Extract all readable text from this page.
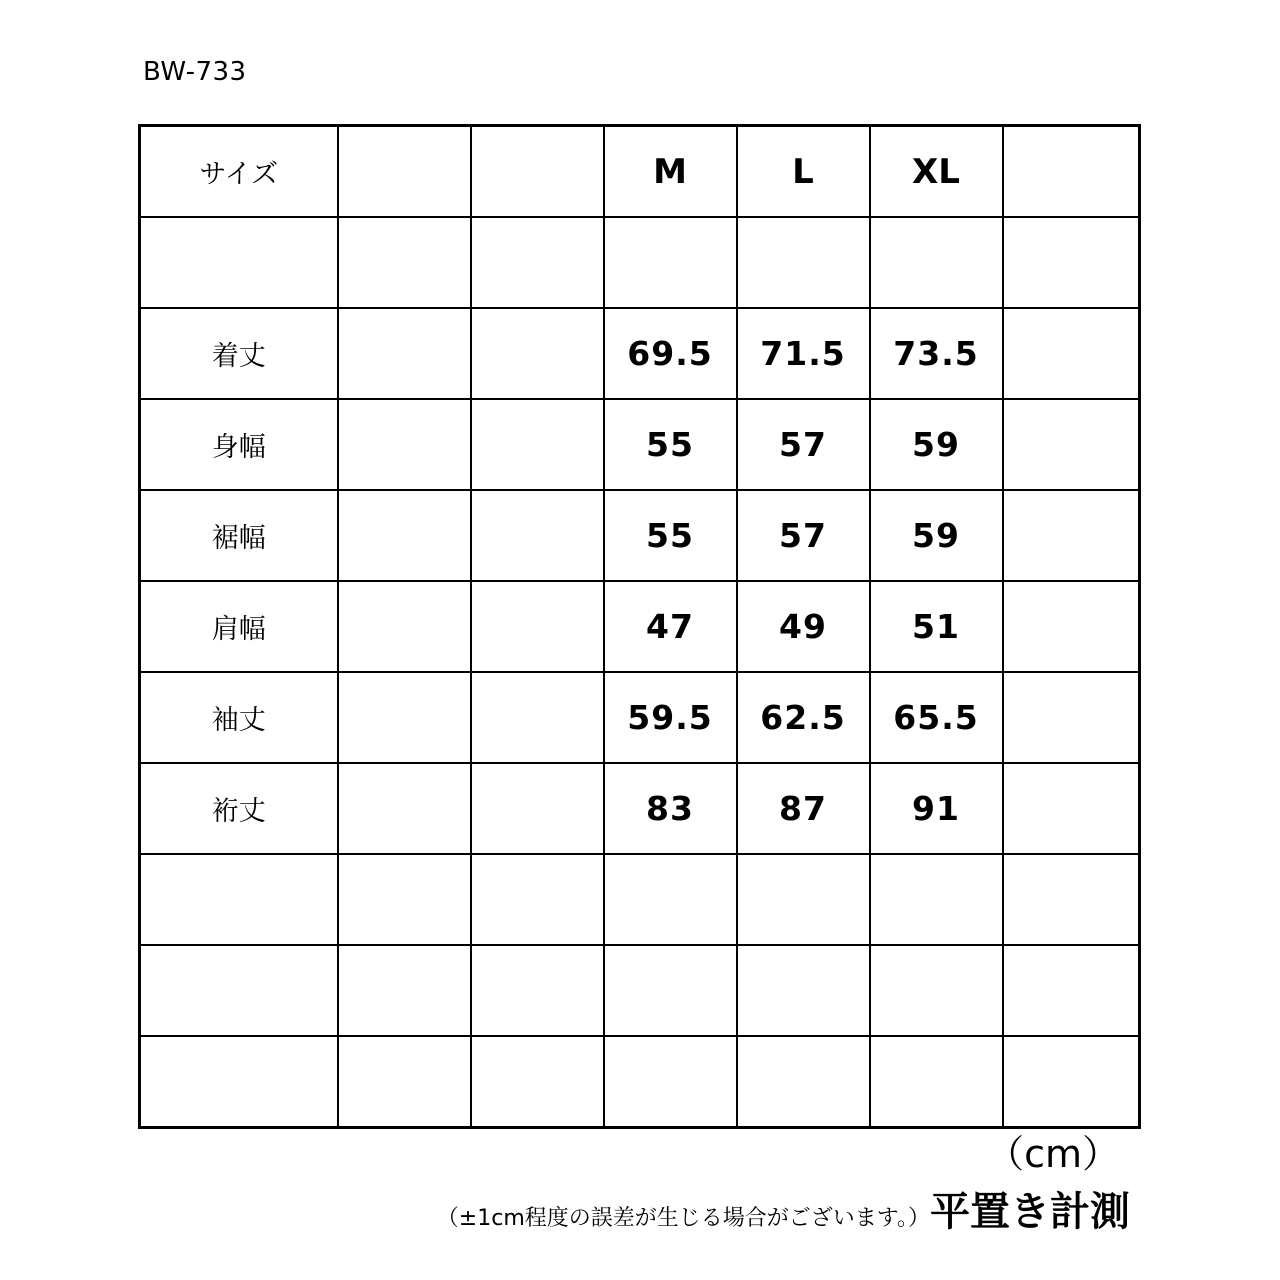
BW-733
サイズ			M	L	XL	

着丈			69.5	71.5	73.5	
身幅			55	57	59	
裾幅			55	57	59	
肩幅			47	49	51	
袖丈			59.5	62.5	65.5	
裄丈			83	87	91	

（cm）
（±1cm程度の誤差が生じる場合がございます。）平置き計測
